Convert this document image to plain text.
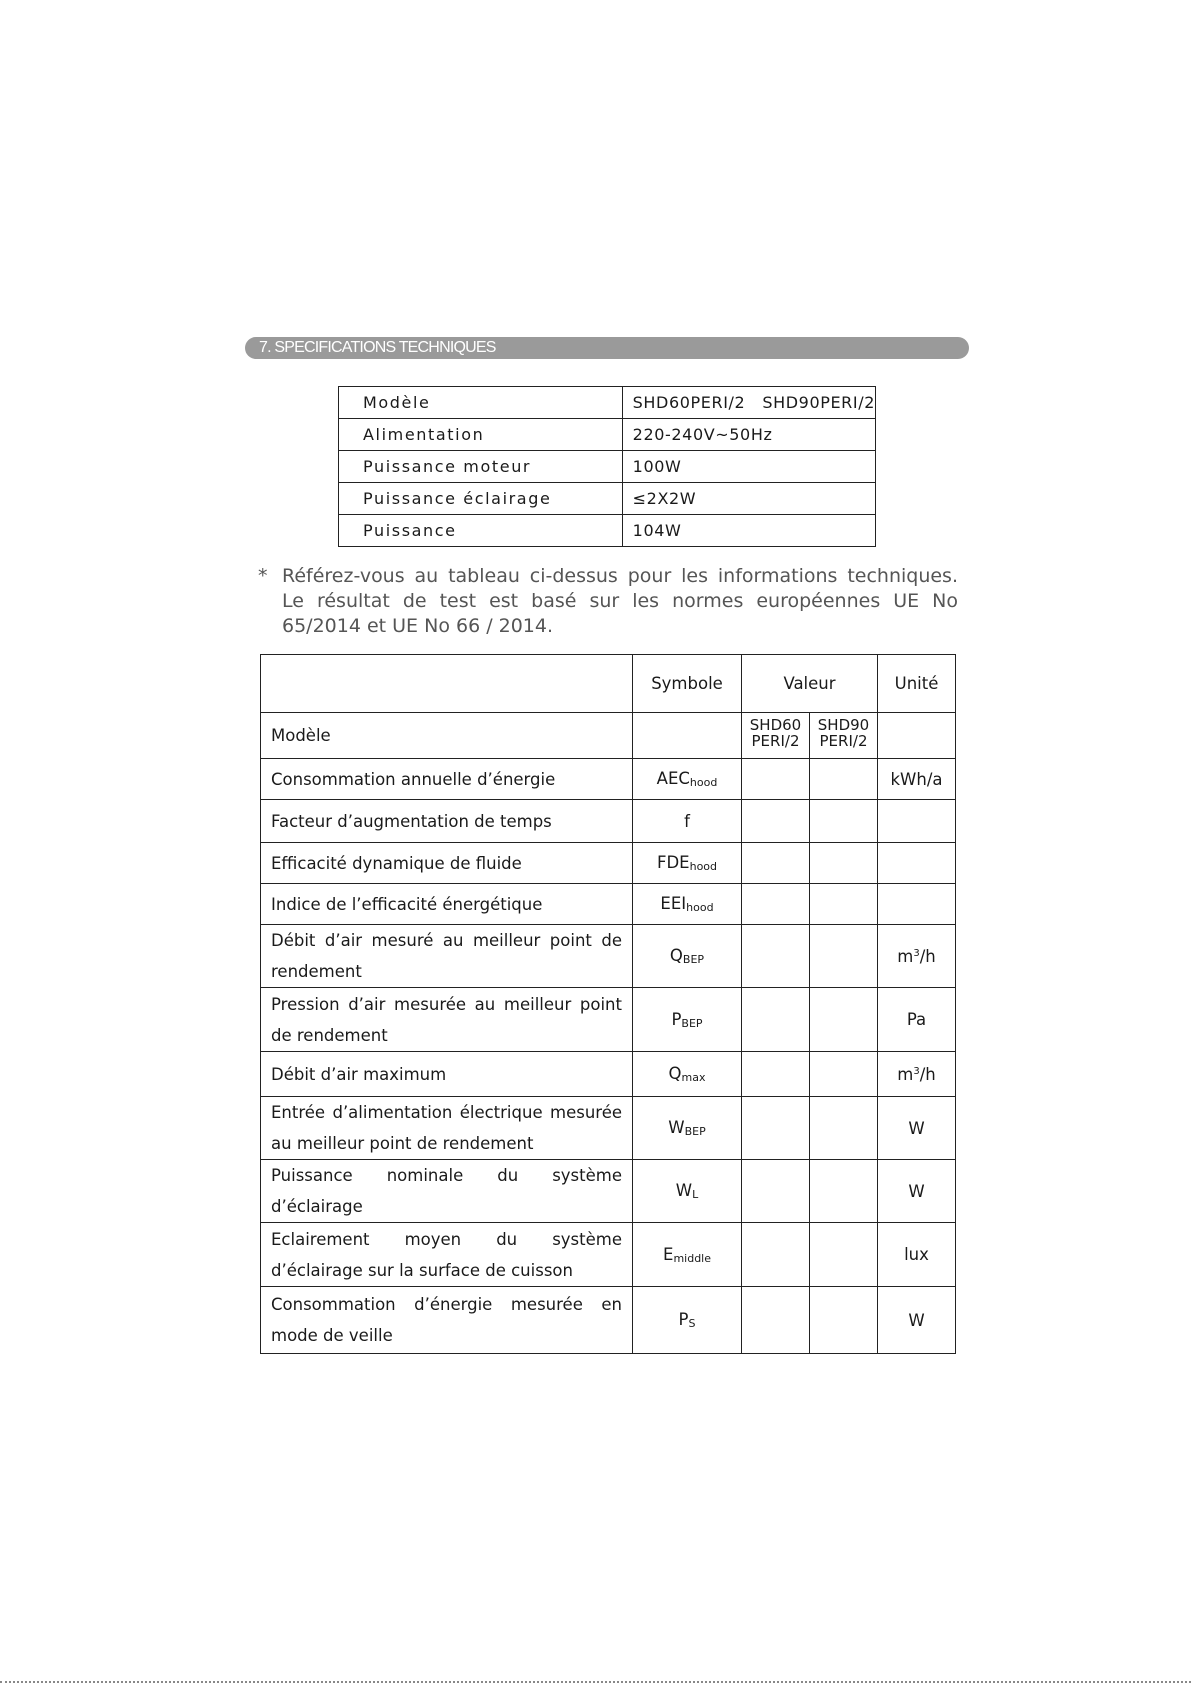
7. SPECIFICATIONS TECHNIQUES
Modèle	SHD60PERI/2   SHD90PERI/2
Alimentation	220-240V~50Hz
Puissance moteur	100W
Puissance éclairage	≤2X2W
Puissance	104W
* Référez-vous au tableau ci-dessus pour les informations techniques. Le résultat de test est basé sur les normes européennes UE No 65/2014 et UE No 66 / 2014.
	Symbole	Valeur		Unité
Modèle		SHD60 PERI/2	SHD90 PERI/2	
Consommation annuelle d’énergie	$AEC_{hood}$			kWh/a
Facteur d’augmentation de temps	f			
Efficacité dynamique de fluide	$FDE_{hood}$			
Indice de l’efficacité énergétique	$EEI_{hood}$			
Débit d’air mesuré au meilleur point de rendement	$Q_{BEP}$			$m^3/h$
Pression d’air mesurée au meilleur point de rendement	$P_{BEP}$			Pa
Débit d’air maximum	$Q_{max}$			$m^3/h$
Entrée d’alimentation électrique mesurée au meilleur point de rendement	$W_{BEP}$			W
Puissance nominale du système d’éclairage	$W_L$			W
Eclairement moyen du système d’éclairage sur la surface de cuisson	$E_{middle}$			lux
Consommation d’énergie mesurée en mode de veille	$P_S$			W
